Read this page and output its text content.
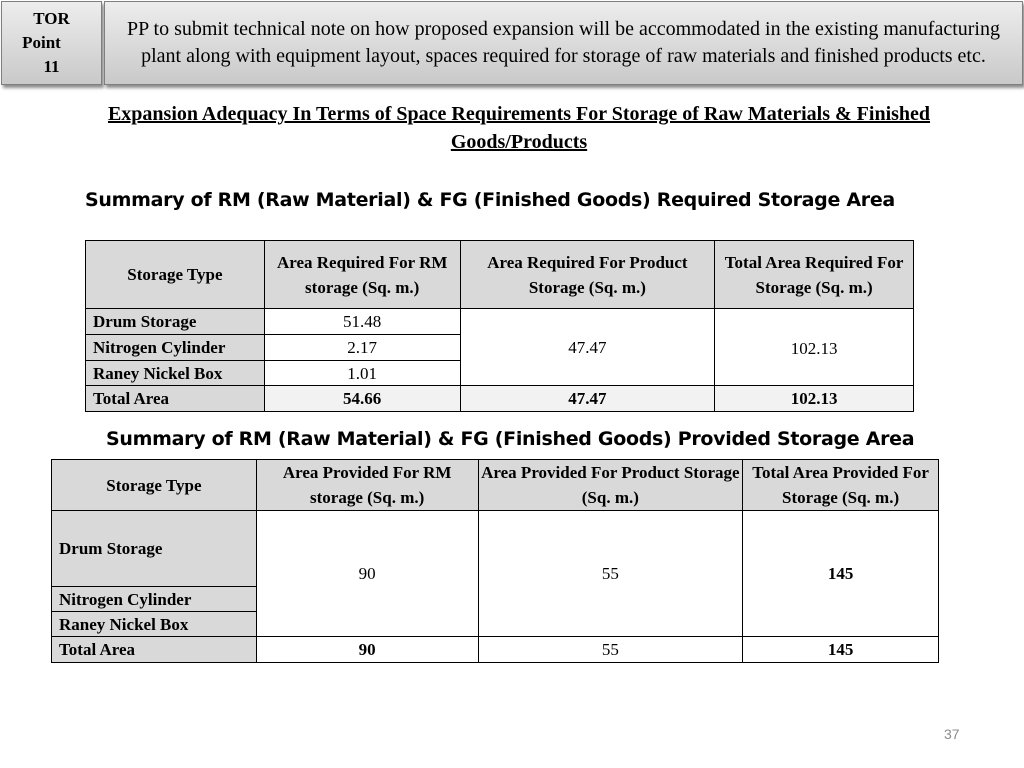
TOR
Point
11
PP to submit technical note on how proposed expansion will be accommodated in the existing manufacturing plant along with equipment layout, spaces required for storage of raw materials and finished products etc.
Expansion Adequacy In Terms of Space Requirements For Storage of Raw Materials & Finished Goods/Products
Summary of RM (Raw Material) & FG (Finished Goods) Required Storage Area
Storage Type	Area Required For RM storage (Sq. m.)	Area Required For Product Storage (Sq. m.)	Total Area Required For Storage (Sq. m.)
Drum Storage	51.48	47.47	102.13
Nitrogen Cylinder	2.17		
Raney Nickel Box	1.01		
Total Area	54.66	47.47	102.13
Summary of RM (Raw Material) & FG (Finished Goods) Provided Storage Area
Storage Type	Area Provided For RM storage (Sq. m.)	Area Provided For Product Storage (Sq. m.)	Total Area Provided For Storage (Sq. m.)
Drum Storage	90	55	145
Nitrogen Cylinder			
Raney Nickel Box			
Total Area	90	55	145
37
